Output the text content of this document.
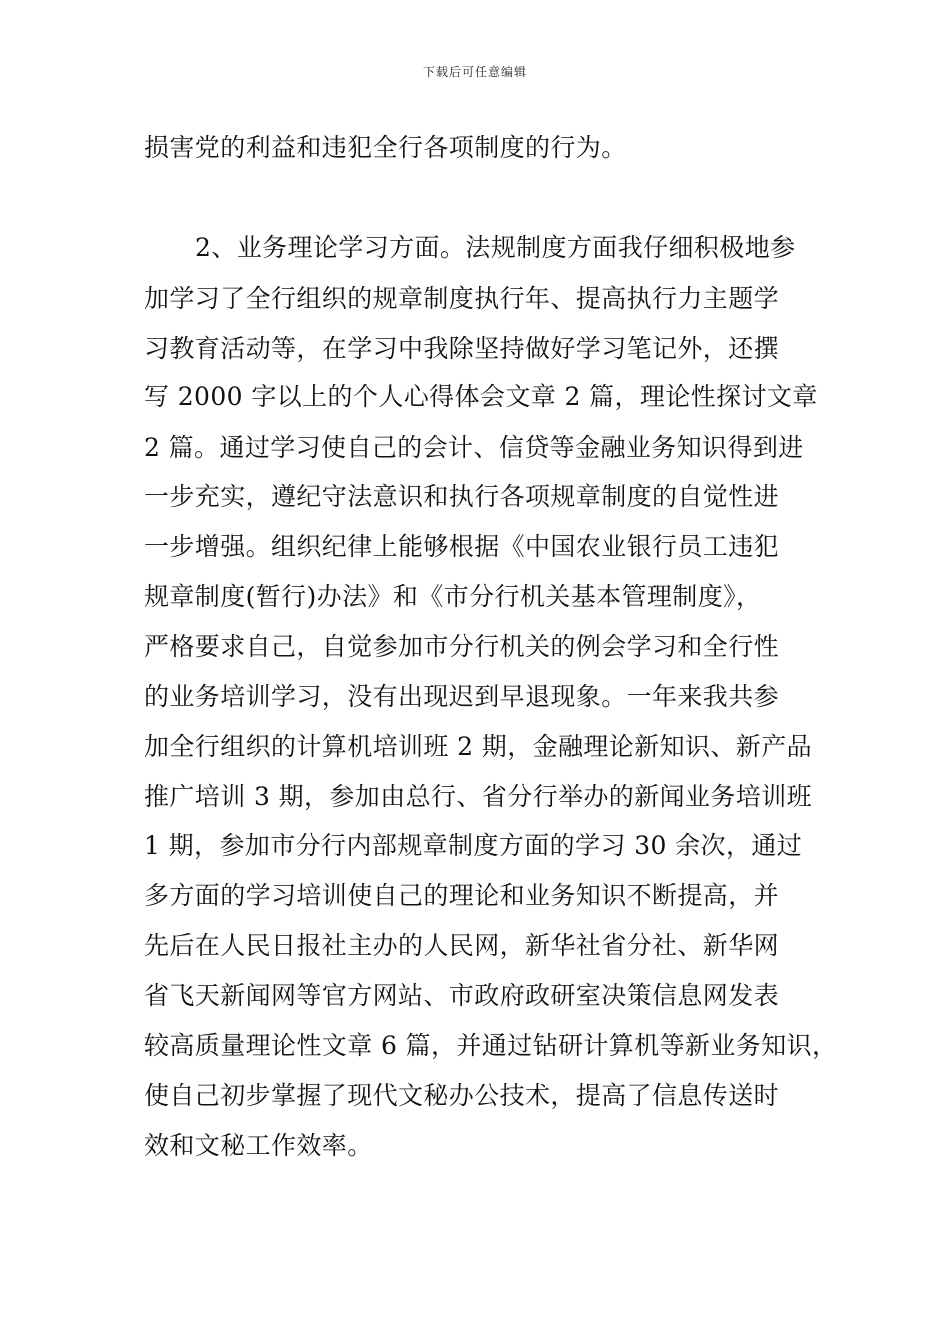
下载后可任意编辑
损害党的利益和违犯全行各项制度的行为。
2、业务理论学习方面。法规制度方面我仔细积极地参
加学习了全行组织的规章制度执行年、提高执行力主题学
习教育活动等，在学习中我除坚持做好学习笔记外，还撰
写 2000 字以上的个人心得体会文章 2 篇，理论性探讨文章
2 篇。通过学习使自己的会计、信贷等金融业务知识得到进
一步充实，遵纪守法意识和执行各项规章制度的自觉性进
一步增强。组织纪律上能够根据《中国农业银行员工违犯
规章制度(暂行)办法》和《市分行机关基本管理制度》，
严格要求自己，自觉参加市分行机关的例会学习和全行性
的业务培训学习，没有出现迟到早退现象。一年来我共参
加全行组织的计算机培训班 2 期，金融理论新知识、新产品
推广培训 3 期，参加由总行、省分行举办的新闻业务培训班
1 期，参加市分行内部规章制度方面的学习 30 余次，通过
多方面的学习培训使自己的理论和业务知识不断提高，并
先后在人民日报社主办的人民网，新华社省分社、新华网
省飞天新闻网等官方网站、市政府政研室决策信息网发表
较高质量理论性文章 6 篇，并通过钻研计算机等新业务知识，
使自己初步掌握了现代文秘办公技术，提高了信息传送时
效和文秘工作效率。
